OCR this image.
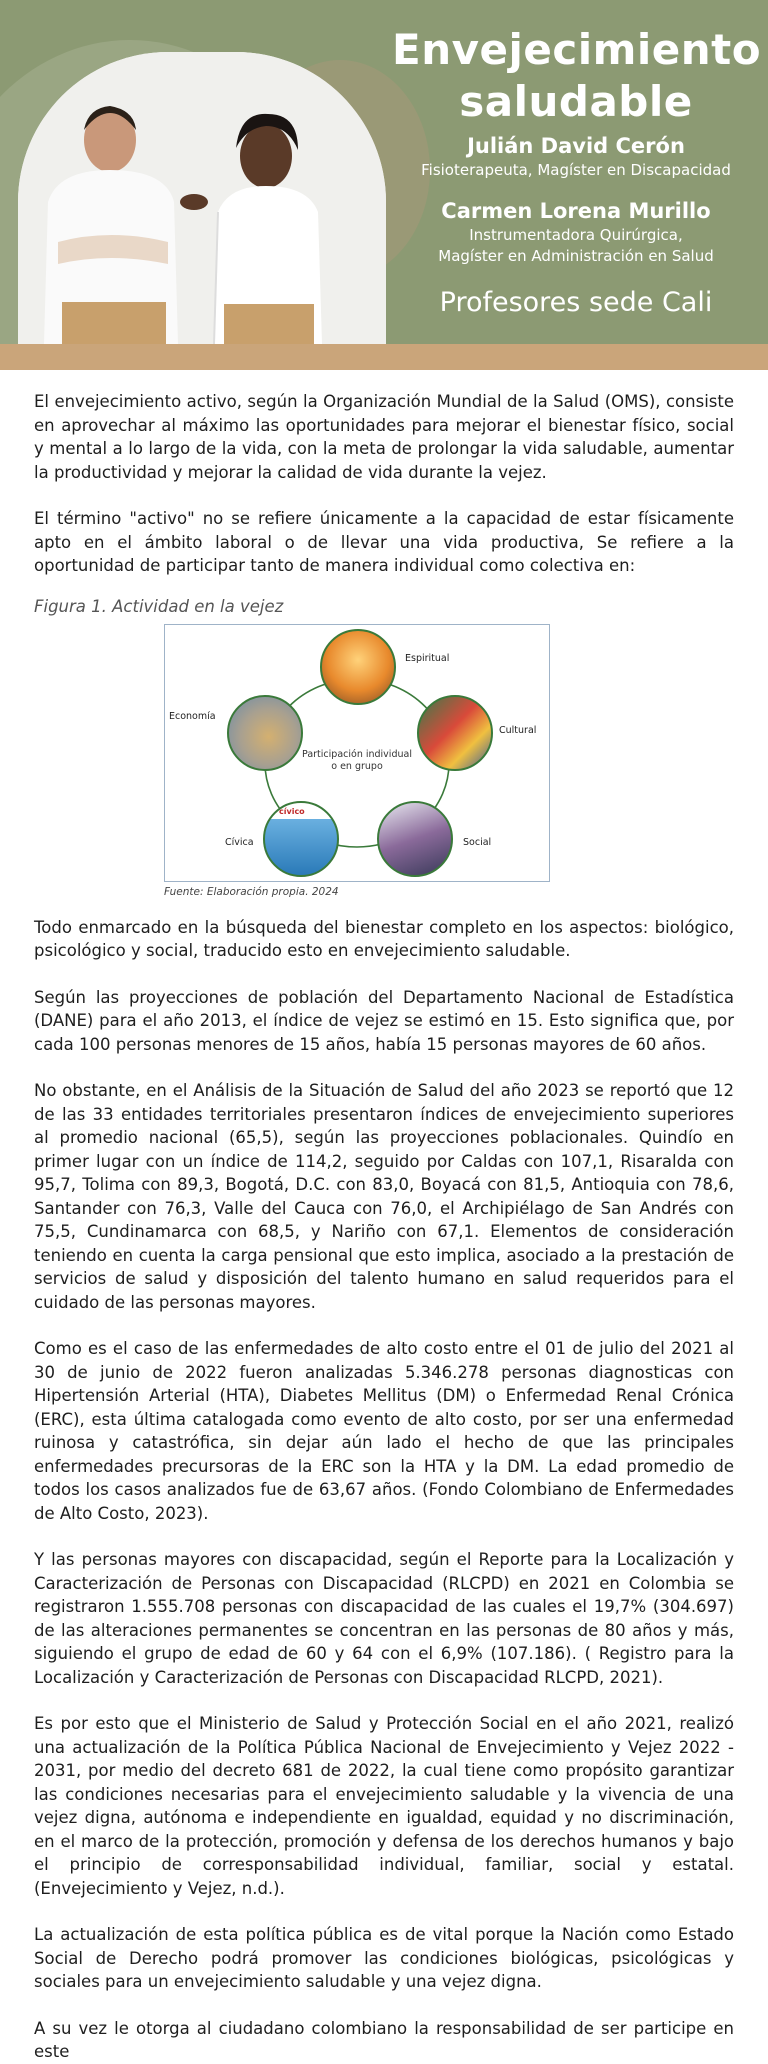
Envejecimiento
saludable
Julián David Cerón
Fisioterapeuta, Magíster en Discapacidad
Carmen Lorena Murillo
Instrumentadora Quirúrgica,
Magíster en Administración en Salud
Profesores sede Cali

El envejecimiento activo, según la Organización Mundial de la Salud (OMS), consiste en aprovechar al máximo las oportunidades para mejorar el bienestar físico, social y mental a lo largo de la vida, con la meta de prolongar la vida saludable, aumentar la productividad y mejorar la calidad de vida durante la vejez.

El término "activo" no se refiere únicamente a la capacidad de estar físicamente apto en el ámbito laboral o de llevar una vida productiva, Se refiere a la oportunidad de participar tanto de manera individual como colectiva en:

Figura 1. Actividad en la vejez
cívico
Espiritual
Cultural
Social
Cívica
Economía
Participación individual
o en grupo
Fuente: Elaboración propia. 2024

Todo enmarcado en la búsqueda del bienestar completo en los aspectos: biológico, psicológico y social, traducido esto en envejecimiento saludable.

Según las proyecciones de población del Departamento Nacional de Estadística (DANE) para el año 2013, el índice de vejez se estimó en 15. Esto significa que, por cada 100 personas menores de 15 años, había 15 personas mayores de 60 años.

No obstante, en el Análisis de la Situación de Salud del año 2023 se reportó que 12 de las 33 entidades territoriales presentaron índices de envejecimiento superiores al promedio nacional (65,5), según las proyecciones poblacionales. Quindío en primer lugar con un índice de 114,2, seguido por Caldas con 107,1, Risaralda con 95,7, Tolima con 89,3, Bogotá, D.C. con 83,0, Boyacá con 81,5, Antioquia con 78,6, Santander con 76,3, Valle del Cauca con 76,0, el Archipiélago de San Andrés con 75,5, Cundinamarca con 68,5, y Nariño con 67,1. Elementos de consideración teniendo en cuenta la carga pensional que esto implica, asociado a la prestación de servicios de salud y disposición del talento humano en salud requeridos para el cuidado de las personas mayores.

Como es el caso de las enfermedades de alto costo entre el 01 de julio del 2021 al 30 de junio de 2022 fueron analizadas 5.346.278 personas diagnosticas con Hipertensión Arterial (HTA), Diabetes Mellitus (DM) o Enfermedad Renal Crónica (ERC), esta última catalogada como evento de alto costo, por ser una enfermedad ruinosa y catastrófica, sin dejar aún lado el hecho de que las principales enfermedades precursoras de la ERC son la HTA y la DM. La edad promedio de todos los casos analizados fue de 63,67 años. (Fondo Colombiano de Enfermedades de Alto Costo, 2023).

Y las personas mayores con discapacidad, según el Reporte para la Localización y Caracterización de Personas con Discapacidad (RLCPD) en 2021 en Colombia se registraron 1.555.708 personas con discapacidad de las cuales el 19,7% (304.697) de las alteraciones permanentes se concentran en las personas de 80 años y más, siguiendo el grupo de edad de 60 y 64 con el 6,9% (107.186). ( Registro para la Localización y Caracterización de Personas con Discapacidad RLCPD, 2021).

Es por esto que el Ministerio de Salud y Protección Social en el año 2021, realizó una actualización de la Política Pública Nacional de Envejecimiento y Vejez 2022 - 2031, por medio del decreto 681 de 2022, la cual tiene como propósito garantizar las condiciones necesarias para el envejecimiento saludable y la vivencia de una vejez digna, autónoma e independiente en igualdad, equidad y no discriminación, en el marco de la protección, promoción y defensa de los derechos humanos y bajo el principio de corresponsabilidad individual, familiar, social y estatal. (Envejecimiento y Vejez, n.d.).

La actualización de esta política pública es de vital porque la Nación como Estado Social de Derecho podrá promover las condiciones biológicas, psicológicas y sociales para un envejecimiento saludable y una vejez digna.

A su vez le otorga al ciudadano colombiano la responsabilidad de ser participe en este
